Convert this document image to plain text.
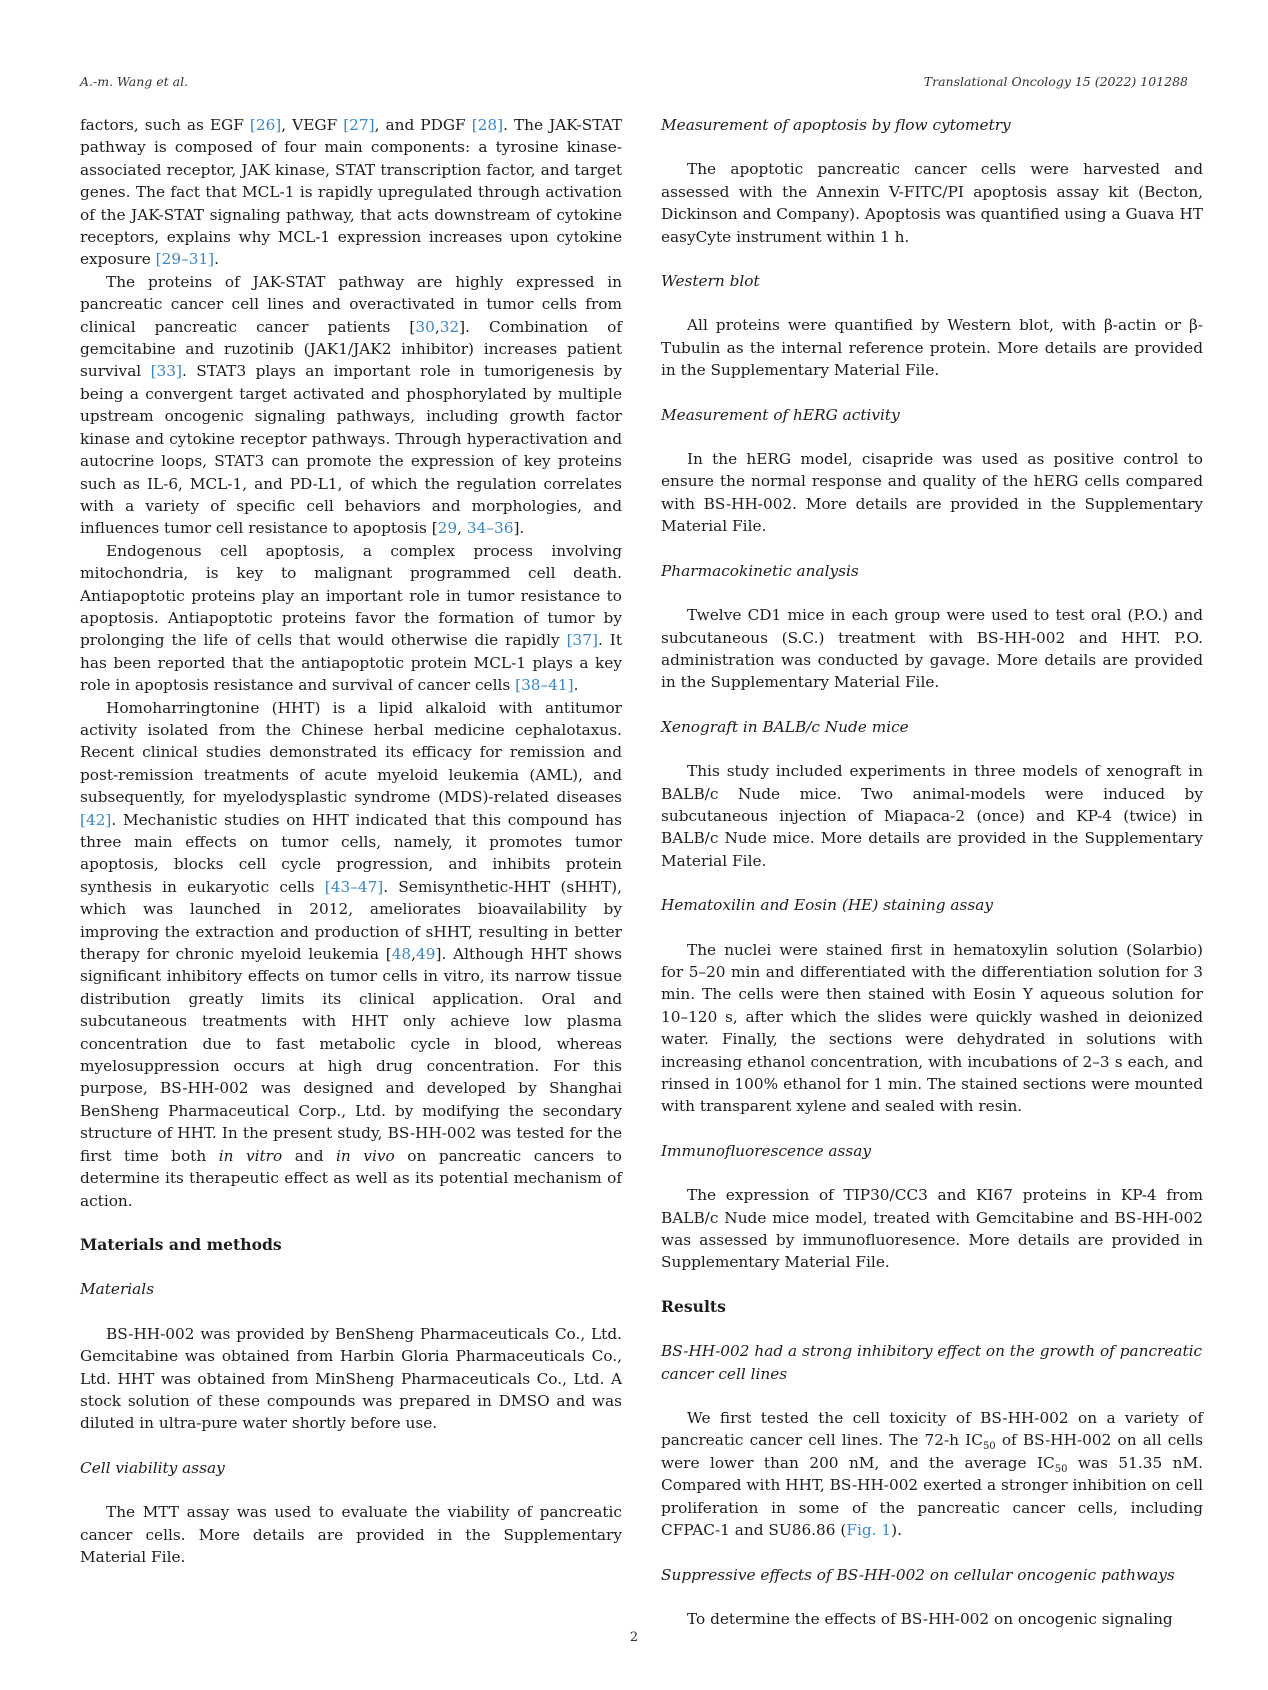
A.-m. Wang et al.	Translational Oncology 15 (2022) 101288

factors, such as EGF [26], VEGF [27], and PDGF [28]. The JAK-STAT pathway is composed of four main components: a tyrosine kinase-associated receptor, JAK kinase, STAT transcription factor, and target genes. The fact that MCL-1 is rapidly upregulated through activation of the JAK-STAT signaling pathway, that acts downstream of cytokine receptors, explains why MCL-1 expression increases upon cytokine exposure [29–31].

The proteins of JAK-STAT pathway are highly expressed in pancreatic cancer cell lines and overactivated in tumor cells from clinical pancreatic cancer patients [30,32]. Combination of gemcitabine and ruzotinib (JAK1/JAK2 inhibitor) increases patient survival [33]. STAT3 plays an important role in tumorigenesis by being a convergent target activated and phosphorylated by multiple upstream oncogenic signaling pathways, including growth factor kinase and cytokine receptor pathways. Through hyperactivation and autocrine loops, STAT3 can promote the expression of key proteins such as IL-6, MCL-1, and PD-L1, of which the regulation correlates with a variety of specific cell behaviors and morphologies, and influences tumor cell resistance to apoptosis [29, 34–36].

Endogenous cell apoptosis, a complex process involving mitochondria, is key to malignant programmed cell death. Antiapoptotic proteins play an important role in tumor resistance to apoptosis. Antiapoptotic proteins favor the formation of tumor by prolonging the life of cells that would otherwise die rapidly [37]. It has been reported that the antiapoptotic protein MCL-1 plays a key role in apoptosis resistance and survival of cancer cells [38–41].

Homoharringtonine (HHT) is a lipid alkaloid with antitumor activity isolated from the Chinese herbal medicine cephalotaxus. Recent clinical studies demonstrated its efficacy for remission and post-remission treatments of acute myeloid leukemia (AML), and subsequently, for myelodysplastic syndrome (MDS)-related diseases [42]. Mechanistic studies on HHT indicated that this compound has three main effects on tumor cells, namely, it promotes tumor apoptosis, blocks cell cycle progression, and inhibits protein synthesis in eukaryotic cells [43–47]. Semisynthetic-HHT (sHHT), which was launched in 2012, ameliorates bioavailability by improving the extraction and production of sHHT, resulting in better therapy for chronic myeloid leukemia [48,49]. Although HHT shows significant inhibitory effects on tumor cells in vitro, its narrow tissue distribution greatly limits its clinical application. Oral and subcutaneous treatments with HHT only achieve low plasma concentration due to fast metabolic cycle in blood, whereas myelosuppression occurs at high drug concentration. For this purpose, BS-HH-002 was designed and developed by Shanghai BenSheng Pharmaceutical Corp., Ltd. by modifying the secondary structure of HHT. In the present study, BS-HH-002 was tested for the first time both in vitro and in vivo on pancreatic cancers to determine its therapeutic effect as well as its potential mechanism of action.

Materials and methods
Materials

BS-HH-002 was provided by BenSheng Pharmaceuticals Co., Ltd. Gemcitabine was obtained from Harbin Gloria Pharmaceuticals Co., Ltd. HHT was obtained from MinSheng Pharmaceuticals Co., Ltd. A stock solution of these compounds was prepared in DMSO and was diluted in ultra-pure water shortly before use.

Cell viability assay

The MTT assay was used to evaluate the viability of pancreatic cancer cells. More details are provided in the Supplementary Material File.

Measurement of apoptosis by flow cytometry

The apoptotic pancreatic cancer cells were harvested and assessed with the Annexin V-FITC/PI apoptosis assay kit (Becton, Dickinson and Company). Apoptosis was quantified using a Guava HT easyCyte instrument within 1 h.

Western blot

All proteins were quantified by Western blot, with β-actin or β-Tubulin as the internal reference protein. More details are provided in the Supplementary Material File.

Measurement of hERG activity

In the hERG model, cisapride was used as positive control to ensure the normal response and quality of the hERG cells compared with BS-HH-002. More details are provided in the Supplementary Material File.

Pharmacokinetic analysis

Twelve CD1 mice in each group were used to test oral (P.O.) and subcutaneous (S.C.) treatment with BS-HH-002 and HHT. P.O. administration was conducted by gavage. More details are provided in the Supplementary Material File.

Xenograft in BALB/c Nude mice

This study included experiments in three models of xenograft in BALB/c Nude mice. Two animal-models were induced by subcutaneous injection of Miapaca-2 (once) and KP-4 (twice) in BALB/c Nude mice. More details are provided in the Supplementary Material File.

Hematoxilin and Eosin (HE) staining assay

The nuclei were stained first in hematoxylin solution (Solarbio) for 5–20 min and differentiated with the differentiation solution for 3 min. The cells were then stained with Eosin Y aqueous solution for 10–120 s, after which the slides were quickly washed in deionized water. Finally, the sections were dehydrated in solutions with increasing ethanol concentration, with incubations of 2–3 s each, and rinsed in 100% ethanol for 1 min. The stained sections were mounted with transparent xylene and sealed with resin.

Immunofluorescence assay

The expression of TIP30/CC3 and KI67 proteins in KP-4 from BALB/c Nude mice model, treated with Gemcitabine and BS-HH-002 was assessed by immunofluoresence. More details are provided in Supplementary Material File.

Results
BS-HH-002 had a strong inhibitory effect on the growth of pancreatic cancer cell lines

We first tested the cell toxicity of BS-HH-002 on a variety of pancreatic cancer cell lines. The 72-h $IC_{50}$ of BS-HH-002 on all cells were lower than 200 nM, and the average $IC_{50}$ was 51.35 nM. Compared with HHT, BS-HH-002 exerted a stronger inhibition on cell proliferation in some of the pancreatic cancer cells, including CFPAC-1 and SU86.86 (Fig. 1).

Suppressive effects of BS-HH-002 on cellular oncogenic pathways

To determine the effects of BS-HH-002 on oncogenic signaling

2
